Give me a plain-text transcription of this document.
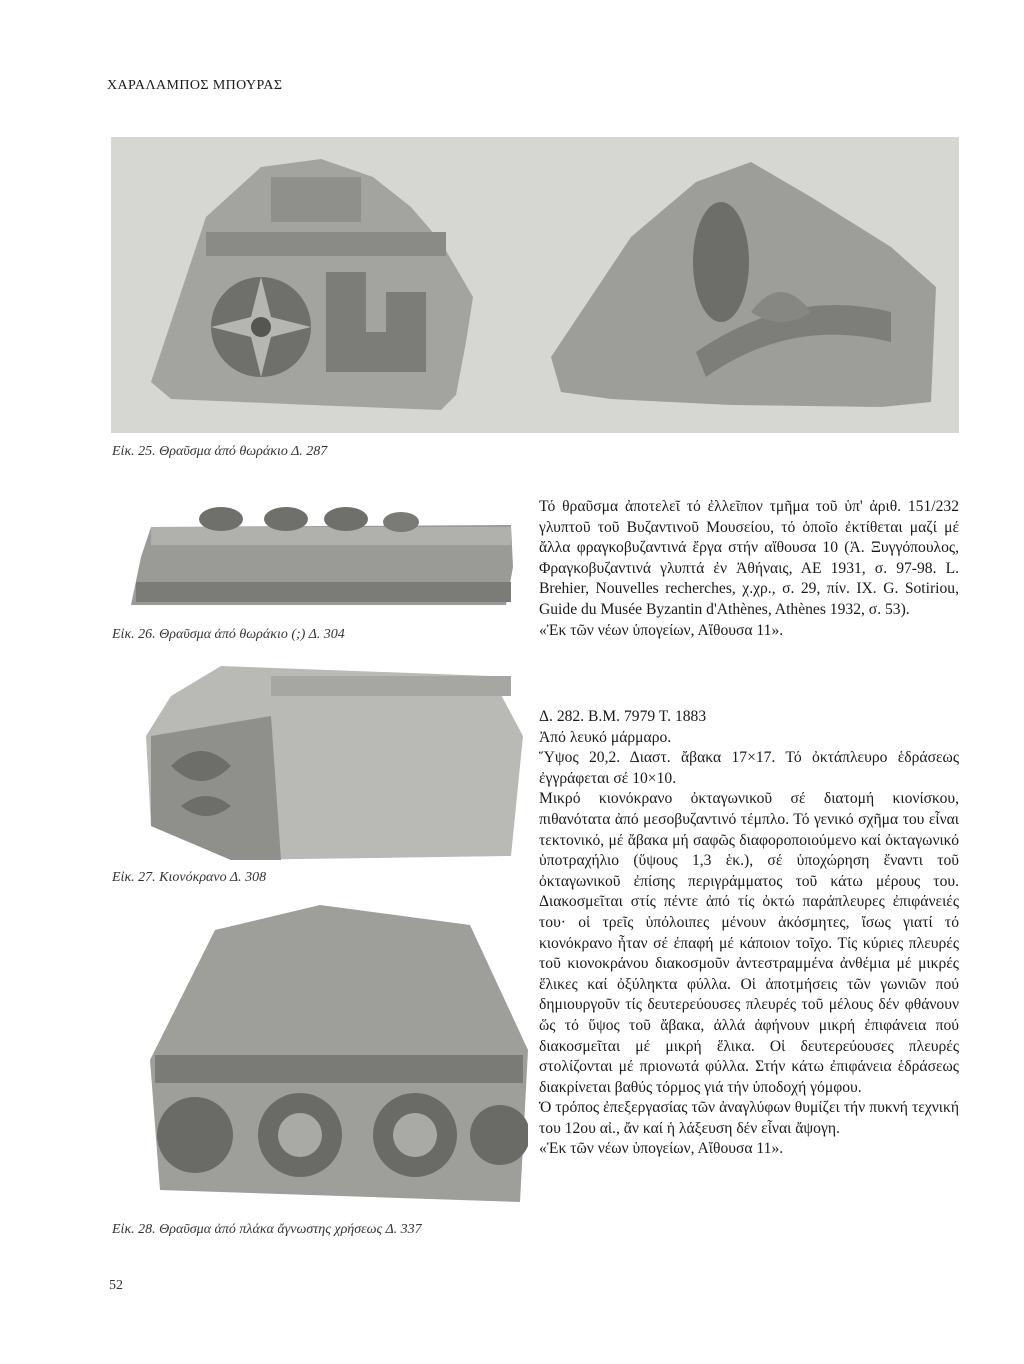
ΧΑΡΑΛΑΜΠΟΣ ΜΠΟΥΡΑΣ
Εἰκ. 25. Θραῦσμα ἀπό θωράκιο Δ. 287
Εἰκ. 26. Θραῦσμα ἀπό θωράκιο (;) Δ. 304
Εἰκ. 27. Κιονόκρανο Δ. 308
Εἰκ. 28. Θραῦσμα ἀπό πλάκα ἄγνωστης χρήσεως Δ. 337

Τό θραῦσμα ἀποτελεῖ τό ἐλλεῖπον τμῆμα τοῦ ὑπ' ἀριθ. 151/232 γλυπτοῦ τοῦ Βυζαντινοῦ Μουσείου, τό ὁποῖο ἐκτίθεται μαζί μέ ἄλλα φραγκοβυζαντινά ἔργα στήν αἴθουσα 10 (Ἀ. Ξυγγόπουλος, Φραγκοβυζαντινά γλυπτά ἐν Ἀθήναις, ΑΕ 1931, σ. 97-98. L. Brehier, Nouvelles recherches, χ.χρ., σ. 29, πίν. IX. G. Sotiriou, Guide du Musée Byzantin d'Athènes, Athènes 1932, σ. 53).

«Ἐκ τῶν νέων ὑπογείων, Αἴθουσα 11».

Δ. 282. Β.Μ. 7979 Τ. 1883

Ἀπό λευκό μάρμαρο.

Ὕψος 20,2. Διαστ. ἄβακα 17×17. Τό ὀκτάπλευρο ἑδράσεως ἐγγράφεται σέ 10×10.

Μικρό κιονόκρανο ὀκταγωνικοῦ σέ διατομή κιονίσκου, πιθανότατα ἀπό μεσοβυζαντινό τέμπλο. Τό γενικό σχῆμα του εἶναι τεκτονικό, μέ ἄβακα μή σαφῶς διαφοροποιούμενο καί ὀκταγωνικό ὑποτραχήλιο (ὕψους 1,3 ἑκ.), σέ ὑποχώρηση ἔναντι τοῦ ὀκταγωνικοῦ ἐπίσης περιγράμματος τοῦ κάτω μέρους του. Διακοσμεῖται στίς πέντε ἀπό τίς ὀκτώ παράπλευρες ἐπιφάνειές του· οἱ τρεῖς ὑπόλοιπες μένουν ἀκόσμητες, ἴσως γιατί τό κιονόκρανο ἦταν σέ ἐπαφή μέ κάποιον τοῖχο. Τίς κύριες πλευρές τοῦ κιονοκράνου διακοσμοῦν ἀντεστραμμένα ἀνθέμια μέ μικρές ἕλικες καί ὀξύληκτα φύλλα. Οἱ ἀποτμήσεις τῶν γωνιῶν πού δημιουργοῦν τίς δευτερεύουσες πλευρές τοῦ μέλους δέν φθάνουν ὥς τό ὕψος τοῦ ἄβακα, ἀλλά ἀφήνουν μικρή ἐπιφάνεια πού διακοσμεῖται μέ μικρή ἕλικα. Οἱ δευτερεύουσες πλευρές στολίζονται μέ πριονωτά φύλλα. Στήν κάτω ἐπιφάνεια ἑδράσεως διακρίνεται βαθύς τόρμος γιά τήν ὑποδοχή γόμφου.

Ὁ τρόπος ἐπεξεργασίας τῶν ἀναγλύφων θυμίζει τήν πυκνή τεχνική του 12ου αἰ., ἄν καί ἡ λάξευση δέν εἶναι ἄψογη.

«Ἐκ τῶν νέων ὑπογείων, Αἴθουσα 11».

52
